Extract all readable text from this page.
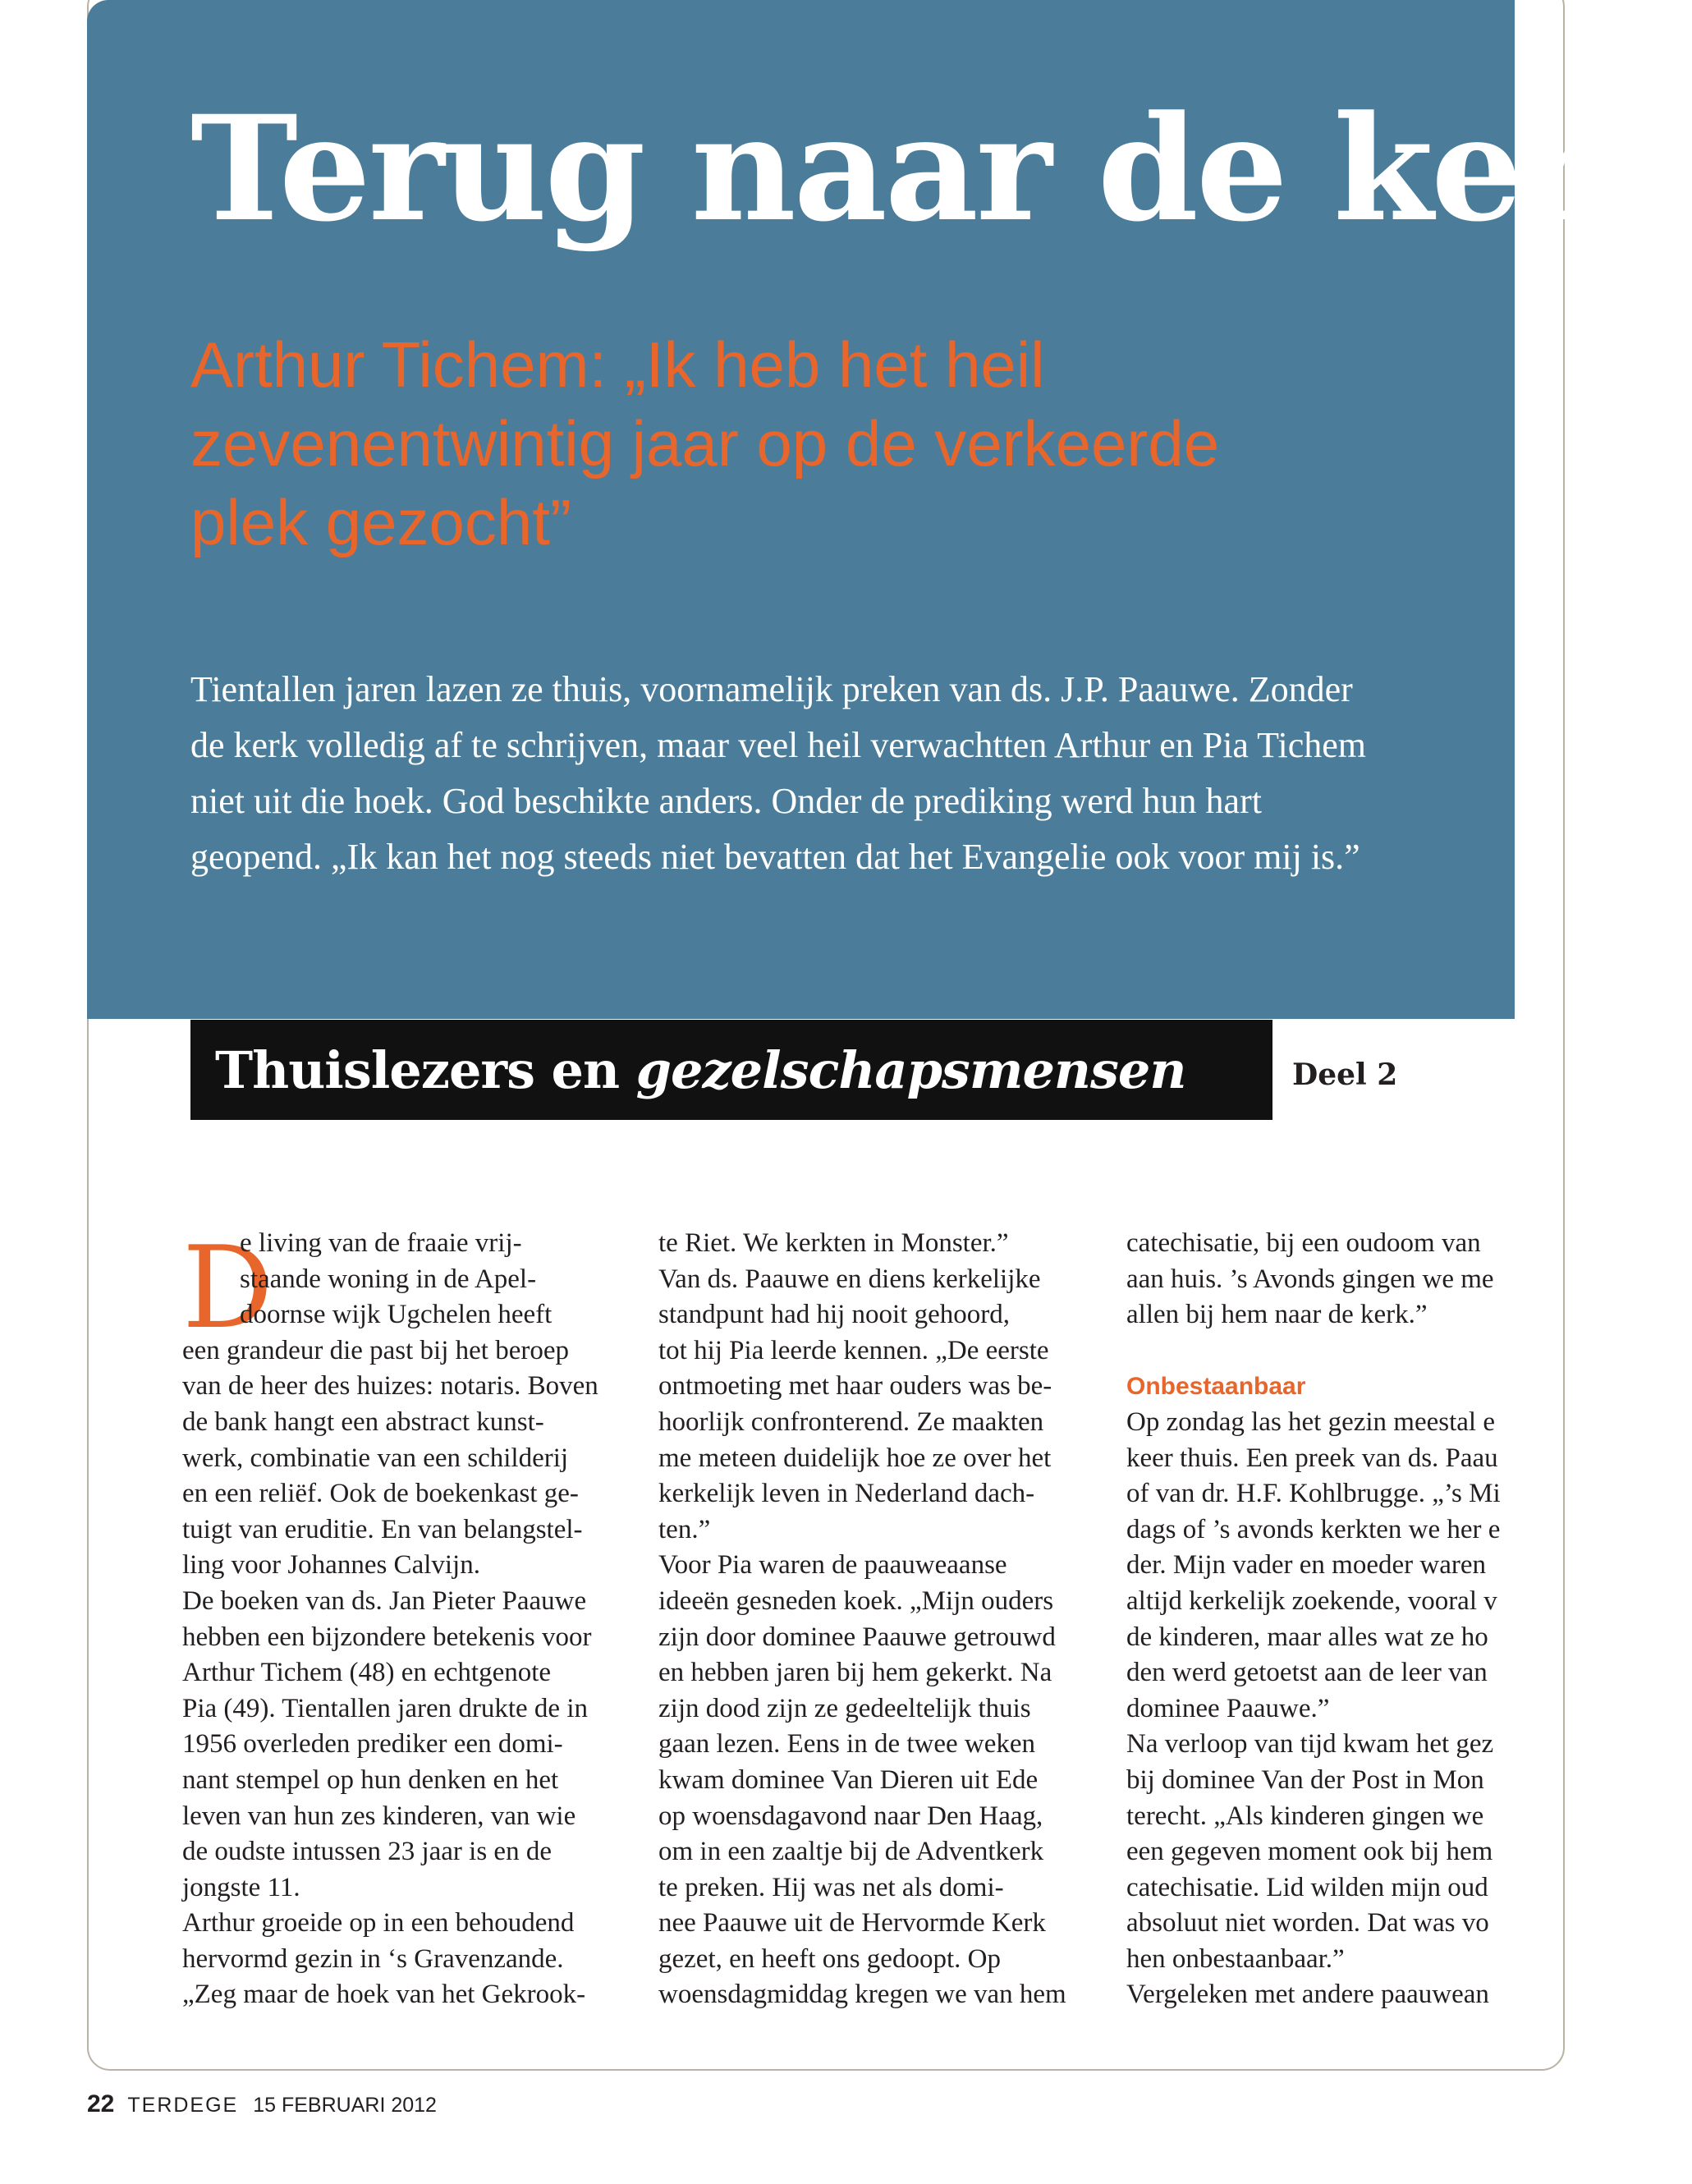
Terug naar de kerk

Arthur Tichem: „Ik heb het heil zevenentwintig jaar op de verkeerde plek gezocht”

Tientallen jaren lazen ze thuis, voornamelijk preken van ds. J.P. Paauwe. Zonder de kerk volledig af te schrijven, maar veel heil verwachtten Arthur en Pia Tichem niet uit die hoek. God beschikte anders. Onder de prediking werd hun hart geopend. „Ik kan het nog steeds niet bevatten dat het Evangelie ook voor mij is.”

Thuislezers en gezelschapsmensen	Deel 2
D

e living van de fraaie vrij-

staande woning in de Apel-

doornse wijk Ugchelen heeft

een grandeur die past bij het beroep

van de heer des huizes: notaris. Boven

de bank hangt een abstract kunst-

werk, combinatie van een schilderij

en een reliëf. Ook de boekenkast ge-

tuigt van eruditie. En van belangstel-

ling voor Johannes Calvijn.

De boeken van ds. Jan Pieter Paauwe

hebben een bijzondere betekenis voor

Arthur Tichem (48) en echtgenote

Pia (49). Tientallen jaren drukte de in

1956 overleden prediker een domi-

nant stempel op hun denken en het

leven van hun zes kinderen, van wie

de oudste intussen 23 jaar is en de

jongste 11.

Arthur groeide op in een behoudend

hervormd gezin in ‘s Gravenzande.

„Zeg maar de hoek van het Gekrook-

te Riet. We kerkten in Monster.”

Van ds. Paauwe en diens kerkelijke

standpunt had hij nooit gehoord,

tot hij Pia leerde kennen. „De eerste

ontmoeting met haar ouders was be-

hoorlijk confronterend. Ze maakten

me meteen duidelijk hoe ze over het

kerkelijk leven in Nederland dach-

ten.”

Voor Pia waren de paauweaanse

ideeën gesneden koek. „Mijn ouders

zijn door dominee Paauwe getrouwd

en hebben jaren bij hem gekerkt. Na

zijn dood zijn ze gedeeltelijk thuis

gaan lezen. Eens in de twee weken

kwam dominee Van Dieren uit Ede

op woensdagavond naar Den Haag,

om in een zaaltje bij de Adventkerk

te preken. Hij was net als domi-

nee Paauwe uit de Hervormde Kerk

gezet, en heeft ons gedoopt. Op

woensdagmiddag kregen we van hem

catechisatie, bij een oudoom van

aan huis. ’s Avonds gingen we me

allen bij hem naar de kerk.”

Onbestaanbaar

Op zondag las het gezin meestal e

keer thuis. Een preek van ds. Paau

of van dr. H.F. Kohlbrugge. „’s Mi

dags of ’s avonds kerkten we her e

der. Mijn vader en moeder waren

altijd kerkelijk zoekende, vooral v

de kinderen, maar alles wat ze ho

den werd getoetst aan de leer van

dominee Paauwe.”

Na verloop van tijd kwam het gez

bij dominee Van der Post in Mon

terecht. „Als kinderen gingen we

een gegeven moment ook bij hem

catechisatie. Lid wilden mijn oud

absoluut niet worden. Dat was vo

hen onbestaanbaar.”

Vergeleken met andere paauwean

22 TERDEGE 15 FEBRUARI 2012
